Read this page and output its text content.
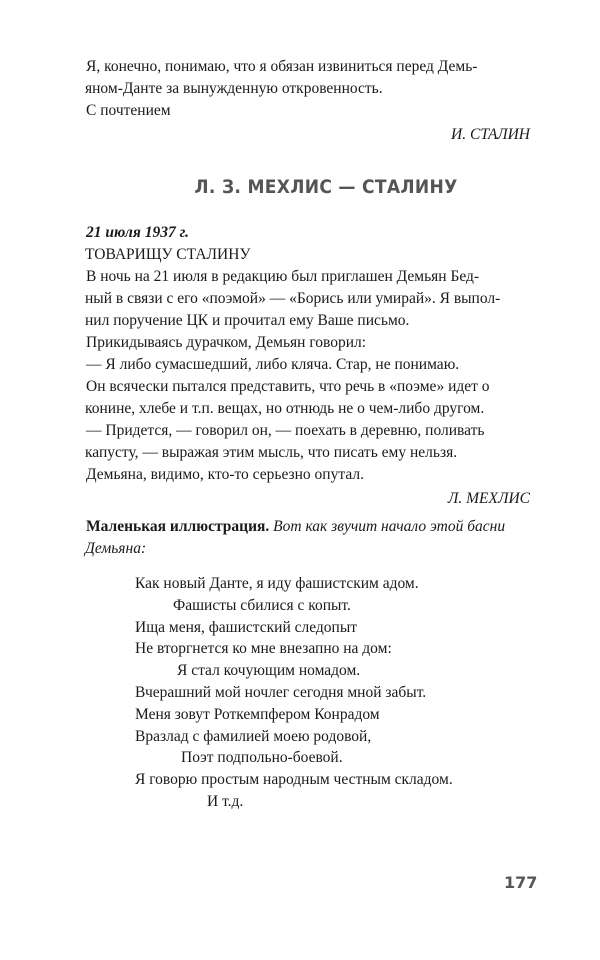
Я, конечно, понимаю, что я обязан извиниться перед Демь-

яном-Данте за вынужденную откровенность.

С почтением

И. СТАЛИН

Л. З. МЕХЛИС — СТАЛИНУ

21 июля 1937 г.

ТОВАРИЩУ СТАЛИНУ

В ночь на 21 июля в редакцию был приглашен Демьян Бед-

ный в связи с его «поэмой» — «Борись или умирай». Я выпол-

нил поручение ЦК и прочитал ему Ваше письмо.

Прикидываясь дурачком, Демьян говорил:

— Я либо сумасшедший, либо кляча. Стар, не понимаю.

Он всячески пытался представить, что речь в «поэме» идет о

конине, хлебе и т.п. вещах, но отнюдь не о чем-либо другом.

— Придется, — говорил он, — поехать в деревню, поливать

капусту, — выражая этим мысль, что писать ему нельзя.

Демьяна, видимо, кто-то серьезно опутал.

Л. МЕХЛИС

Маленькая иллюстрация. Вот как звучит начало этой басни

Демьяна:

Как новый Данте, я иду фашистским адом.
Фашисты сбилися с копыт.
Ища меня, фашистский следопыт
Не вторгнется ко мне внезапно на дом:
Я стал кочующим номадом.
Вчерашний мой ночлег сегодня мной забыт.
Меня зовут Роткемпфером Конрадом
Вразлад с фамилией моею родовой,
Поэт подпольно-боевой.
Я говорю простым народным честным складом.
И т.д.
177
